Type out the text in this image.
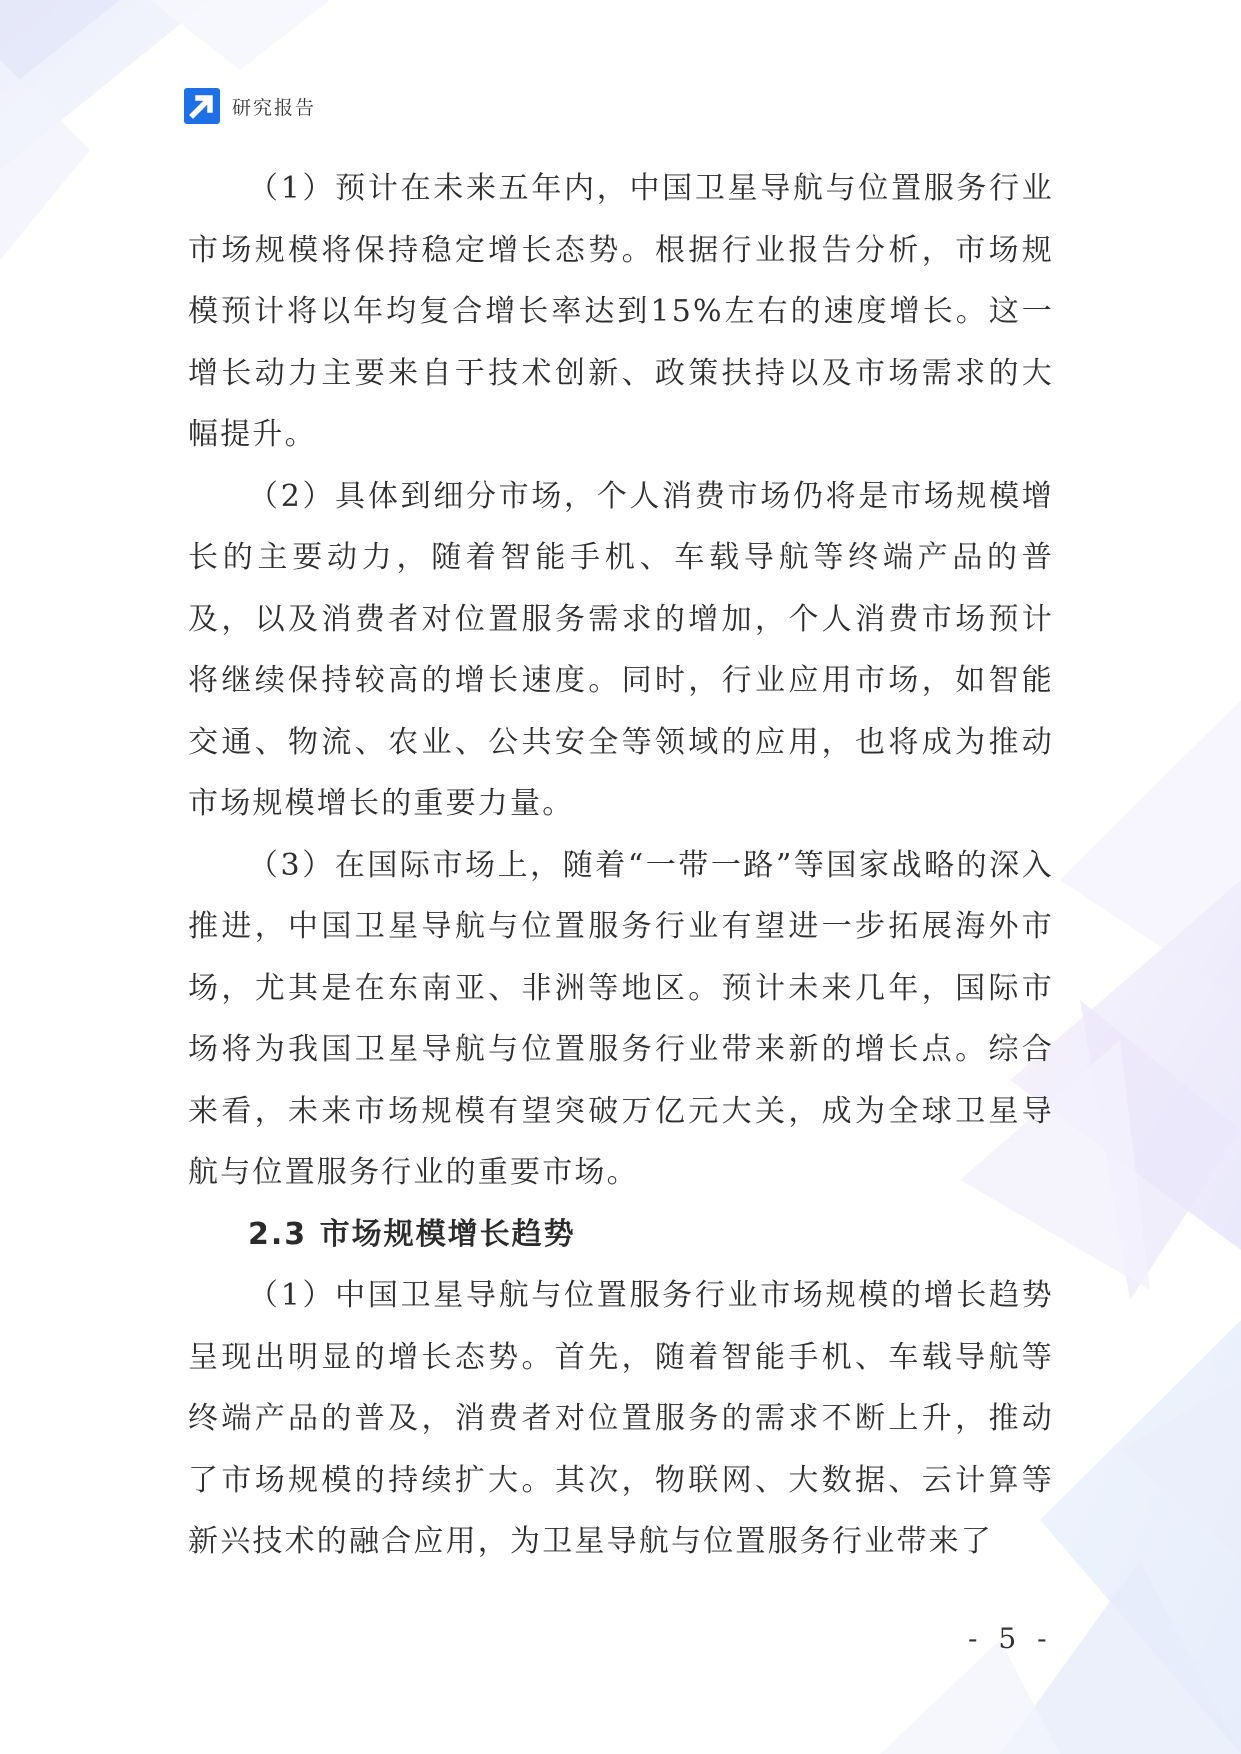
研究报告

（1）预计在未来五年内，中国卫星导航与位置服务行业市场规模将保持稳定增长态势。根据行业报告分析，市场规模预计将以年均复合增长率达到15%左右的速度增长。这一增长动力主要来自于技术创新、政策扶持以及市场需求的大幅提升。

（2）具体到细分市场，个人消费市场仍将是市场规模增长的主要动力，随着智能手机、车载导航等终端产品的普及，以及消费者对位置服务需求的增加，个人消费市场预计将继续保持较高的增长速度。同时，行业应用市场，如智能交通、物流、农业、公共安全等领域的应用，也将成为推动市场规模增长的重要力量。

（3）在国际市场上，随着“一带一路”等国家战略的深入推进，中国卫星导航与位置服务行业有望进一步拓展海外市场，尤其是在东南亚、非洲等地区。预计未来几年，国际市场将为我国卫星导航与位置服务行业带来新的增长点。综合来看，未来市场规模有望突破万亿元大关，成为全球卫星导航与位置服务行业的重要市场。

2.3 市场规模增长趋势

（1）中国卫星导航与位置服务行业市场规模的增长趋势呈现出明显的增长态势。首先，随着智能手机、车载导航等终端产品的普及，消费者对位置服务的需求不断上升，推动了市场规模的持续扩大。其次，物联网、大数据、云计算等新兴技术的融合应用，为卫星导航与位置服务行业带来了

- 5 -
